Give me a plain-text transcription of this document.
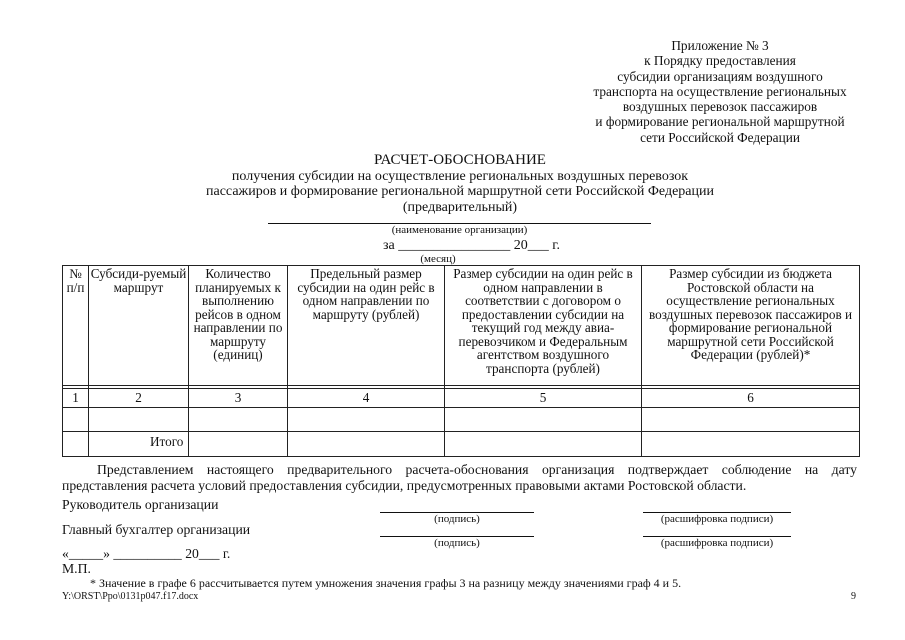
Приложение № 3
к Порядку предоставления
субсидии организациям воздушного
транспорта на осуществление региональных
воздушных перевозок пассажиров
и формирование региональной маршрутной
сети Российской Федерации
РАСЧЕТ-ОБОСНОВАНИЕ
получения субсидии на осуществление региональных воздушных перевозок
пассажиров и формирование региональной маршрутной сети Российской Федерации
(предварительный)
(наименование организации)
за ________________ 20___ г.
(месяц)
№ п/п	Субсиди-руемый маршрут	Количество планируемых к выполнению рейсов в одном направлении по маршруту (единиц)	Предельный размер субсидии на один рейс в одном направлении по маршруту (рублей)	Размер субсидии на один рейс в одном направлении в соответствии с договором о предоставлении субсидии на текущий год между авиа-перевозчиком и Федеральным агентством воздушного транспорта (рублей)	Размер субсидии из бюджета Ростовской области на осуществление региональных воздушных перевозок пассажиров и формирование региональной маршрутной сети Российской Федерации (рублей)*

1	2	3	4	5	6

	Итого				
Представлением настоящего предварительного расчета-обоснования организация подтверждает соблюдение на дату представления расчета условий предоставления субсидии, предусмотренных правовыми актами Ростовской области.
Руководитель организации
(подпись)	(расшифровка подписи)
Главный бухгалтер организации
(подпись)	(расшифровка подписи)
«_____» __________ 20___ г.
М.П.
* Значение в графе 6 рассчитывается путем умножения значения графы 3 на разницу между значениями граф 4 и 5.
Y:\ORST\Ppo\0131p047.f17.docx	9
